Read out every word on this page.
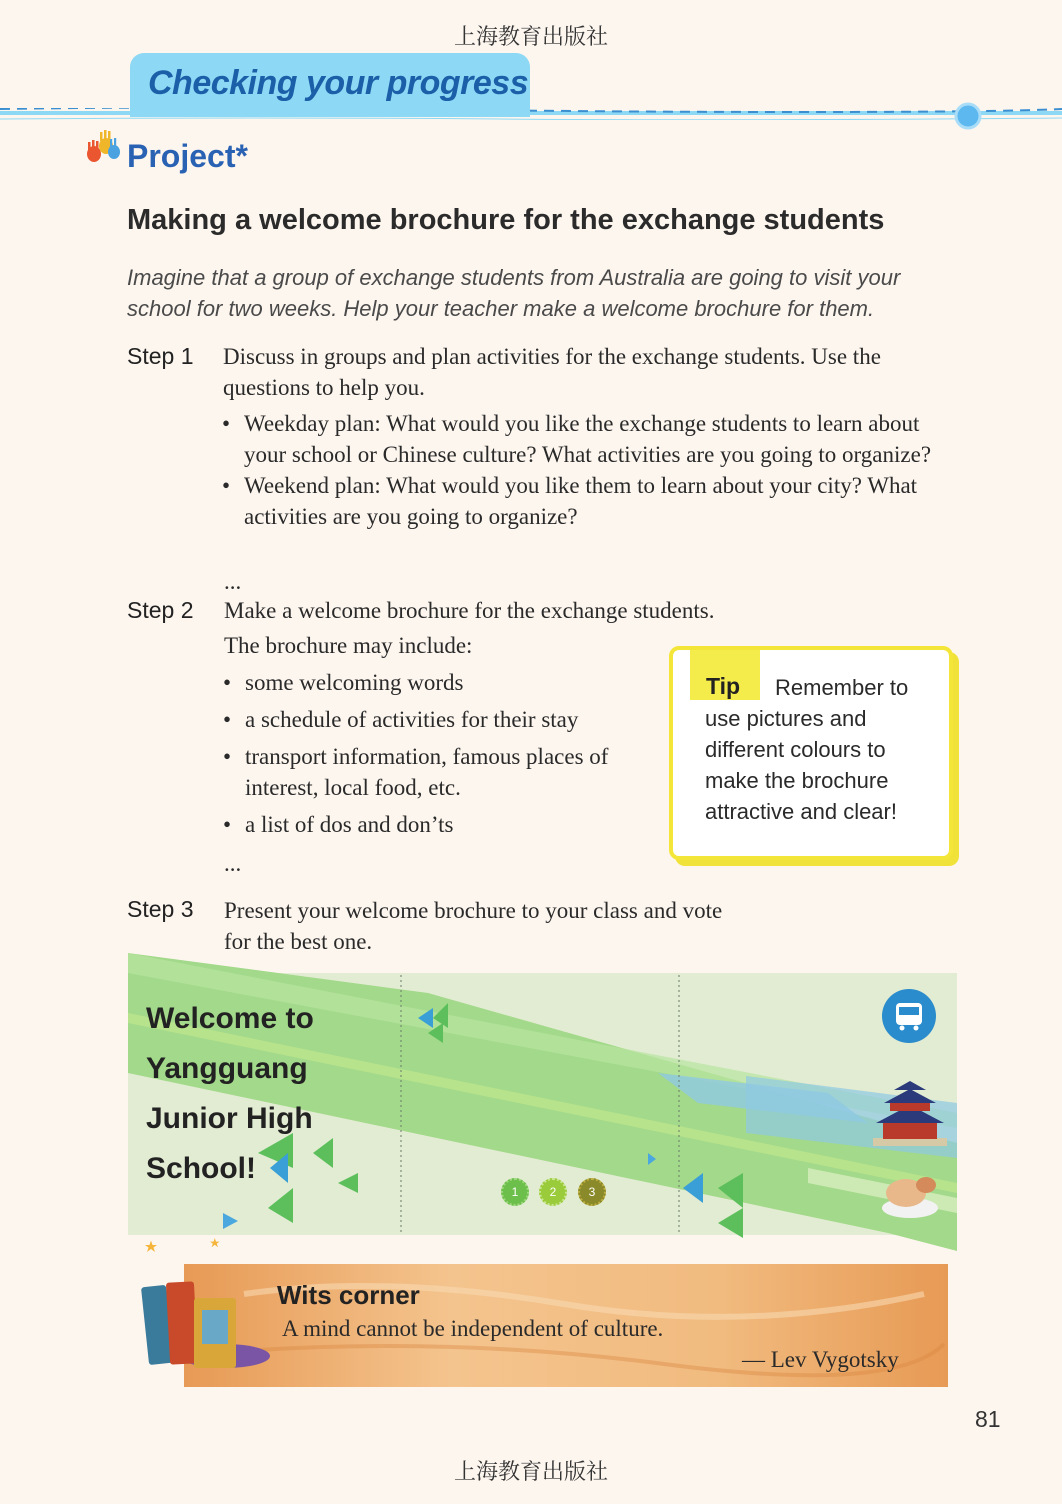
上海教育出版社
Checking your progress
Project*
Making a welcome brochure for the exchange students
Imagine that a group of exchange students from Australia are going to visit your school for two weeks. Help your teacher make a welcome brochure for them.
Step 1 Discuss in groups and plan activities for the exchange students. Use the questions to help you.
• Weekday plan: What would you like the exchange students to learn about your school or Chinese culture? What activities are you going to organize?
• Weekend plan: What would you like them to learn about your city? What activities are you going to organize?
...
Step 2 Make a welcome brochure for the exchange students.
The brochure may include:
• some welcoming words
• a schedule of activities for their stay
• transport information, famous places of interest, local food, etc.
• a list of dos and don’ts
...
Remember to use pictures and different colours to make the brochure attractive and clear!
Tip
Step 3 Present your welcome brochure to your class and vote for the best one.
Welcome to
Yangguang
Junior High
School!
1	2	3
Wits corner
A mind cannot be independent of culture.
— Lev Vygotsky
81
上海教育出版社
